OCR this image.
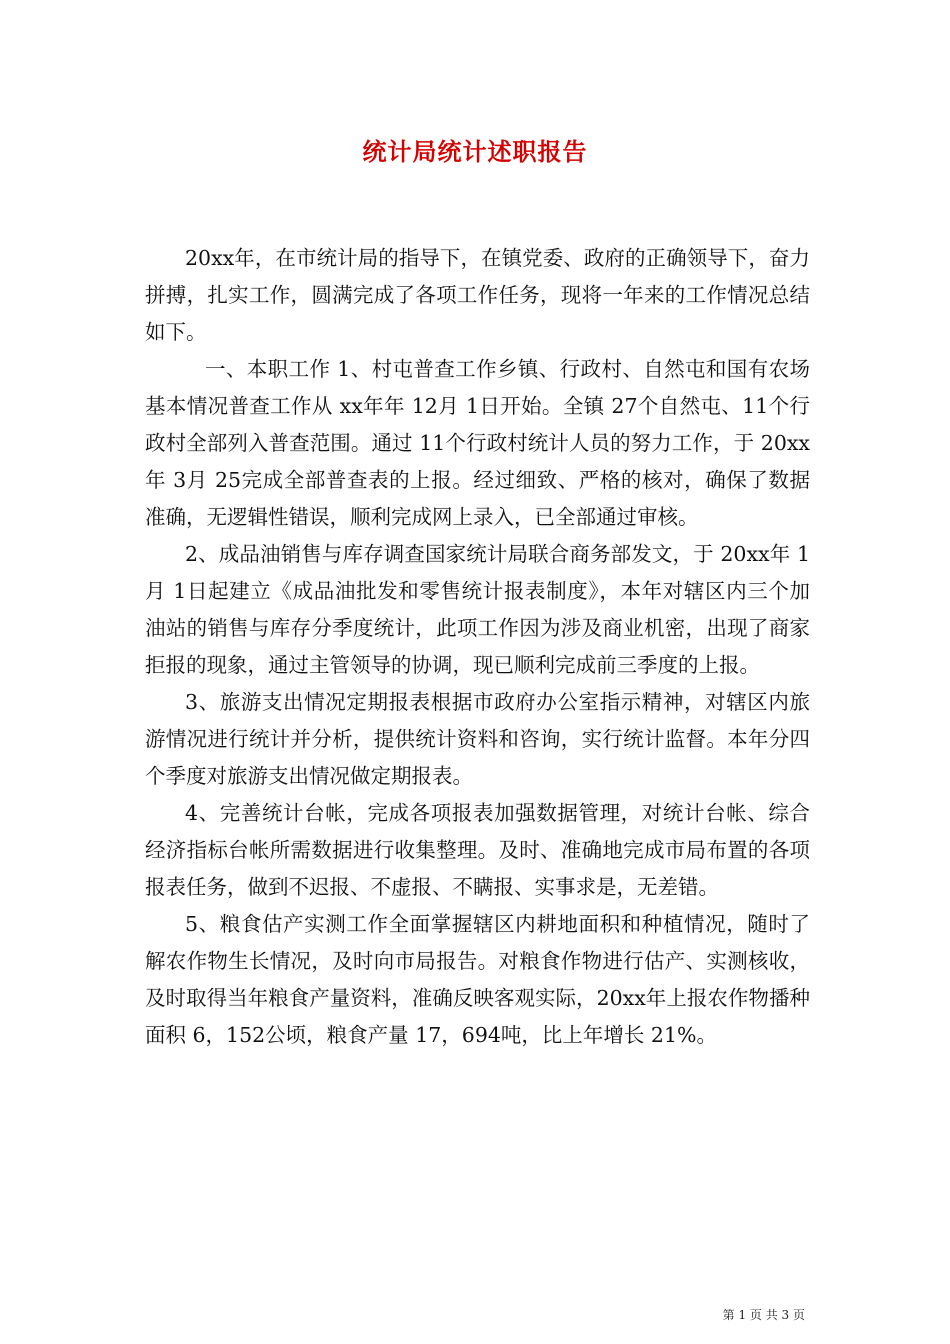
统计局统计述职报告

20xx年，在市统计局的指导下，在镇党委、政府的正确领导下，奋力拼搏，扎实工作，圆满完成了各项工作任务，现将一年来的工作情况总结如下。

一、本职工作 1、村屯普查工作乡镇、行政村、自然屯和国有农场基本情况普查工作从 xx年年 12月 1日开始。全镇 27个自然屯、11个行政村全部列入普查范围。通过 11个行政村统计人员的努力工作，于 20xx年 3月 25完成全部普查表的上报。经过细致、严格的核对，确保了数据准确，无逻辑性错误，顺利完成网上录入，已全部通过审核。

2、成品油销售与库存调查国家统计局联合商务部发文，于 20xx年 1月 1日起建立《成品油批发和零售统计报表制度》，本年对辖区内三个加油站的销售与库存分季度统计，此项工作因为涉及商业机密，出现了商家拒报的现象，通过主管领导的协调，现已顺利完成前三季度的上报。

3、旅游支出情况定期报表根据市政府办公室指示精神，对辖区内旅游情况进行统计并分析，提供统计资料和咨询，实行统计监督。本年分四个季度对旅游支出情况做定期报表。

4、完善统计台帐，完成各项报表加强数据管理，对统计台帐、综合经济指标台帐所需数据进行收集整理。及时、准确地完成市局布置的各项报表任务，做到不迟报、不虚报、不瞒报、实事求是，无差错。

5、粮食估产实测工作全面掌握辖区内耕地面积和种植情况，随时了解农作物生长情况，及时向市局报告。对粮食作物进行估产、实测核收，及时取得当年粮食产量资料，准确反映客观实际，20xx年上报农作物播种面积 6，152公顷，粮食产量 17，694吨，比上年增长 21%。

第 1 页 共 3 页
